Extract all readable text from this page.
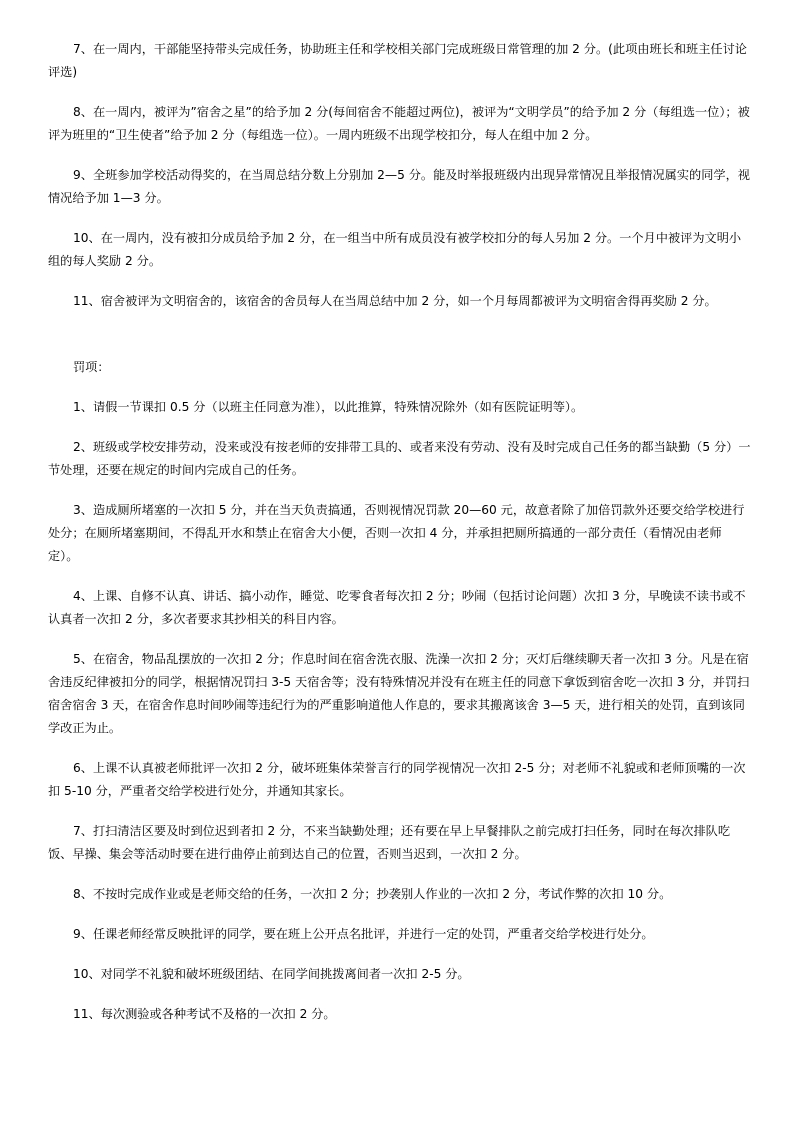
7、在一周内，干部能坚持带头完成任务，协助班主任和学校相关部门完成班级日常管理的加 2 分。(此项由班长和班主任讨论评选)

8、在一周内，被评为”宿舍之星”的给予加 2 分(每间宿舍不能超过两位)，被评为“文明学员”的给予加 2 分（每组选一位）；被评为班里的“卫生使者”给予加 2 分（每组选一位）。一周内班级不出现学校扣分，每人在组中加 2 分。

9、全班参加学校活动得奖的，在当周总结分数上分别加 2—5 分。能及时举报班级内出现异常情况且举报情况属实的同学，视情况给予加 1—3 分。

10、在一周内，没有被扣分成员给予加 2 分，在一组当中所有成员没有被学校扣分的每人另加 2 分。一个月中被评为文明小组的每人奖励 2 分。

11、宿舍被评为文明宿舍的，该宿舍的舍员每人在当周总结中加 2 分，如一个月每周都被评为文明宿舍得再奖励 2 分。

罚项：

1、请假一节课扣 0.5 分（以班主任同意为准），以此推算，特殊情况除外（如有医院证明等）。

2、班级或学校安排劳动，没来或没有按老师的安排带工具的、或者来没有劳动、没有及时完成自己任务的都当缺勤（5 分）一节处理，还要在规定的时间内完成自己的任务。

3、造成厕所堵塞的一次扣 5 分，并在当天负责搞通，否则视情况罚款 20—60 元，故意者除了加倍罚款外还要交给学校进行处分；在厕所堵塞期间，不得乱开水和禁止在宿舍大小便，否则一次扣 4 分，并承担把厕所搞通的一部分责任（看情况由老师定）。

4、上课、自修不认真、讲话、搞小动作，睡觉、吃零食者每次扣 2 分；吵闹（包括讨论问题）次扣 3 分，早晚读不读书或不认真者一次扣 2 分，多次者要求其抄相关的科目内容。

5、在宿舍，物品乱摆放的一次扣 2 分；作息时间在宿舍洗衣服、洗澡一次扣 2 分；灭灯后继续聊天者一次扣 3 分。凡是在宿舍违反纪律被扣分的同学，根据情况罚扫 3-5 天宿舍等；没有特殊情况并没有在班主任的同意下拿饭到宿舍吃一次扣 3 分，并罚扫宿舍宿舍 3 天，在宿舍作息时间吵闹等违纪行为的严重影响道他人作息的，要求其搬离该舍 3—5 天，进行相关的处罚，直到该同学改正为止。

6、上课不认真被老师批评一次扣 2 分，破坏班集体荣誉言行的同学视情况一次扣 2-5 分；对老师不礼貌或和老师顶嘴的一次扣 5-10 分，严重者交给学校进行处分，并通知其家长。

7、打扫清洁区要及时到位迟到者扣 2 分，不来当缺勤处理；还有要在早上早餐排队之前完成打扫任务，同时在每次排队吃饭、早操、集会等活动时要在进行曲停止前到达自己的位置，否则当迟到，一次扣 2 分。

8、不按时完成作业或是老师交给的任务，一次扣 2 分；抄袭别人作业的一次扣 2 分，考试作弊的次扣 10 分。

9、任课老师经常反映批评的同学，要在班上公开点名批评，并进行一定的处罚，严重者交给学校进行处分。

10、对同学不礼貌和破坏班级团结、在同学间挑拨离间者一次扣 2-5 分。

11、每次测验或各种考试不及格的一次扣 2 分。
